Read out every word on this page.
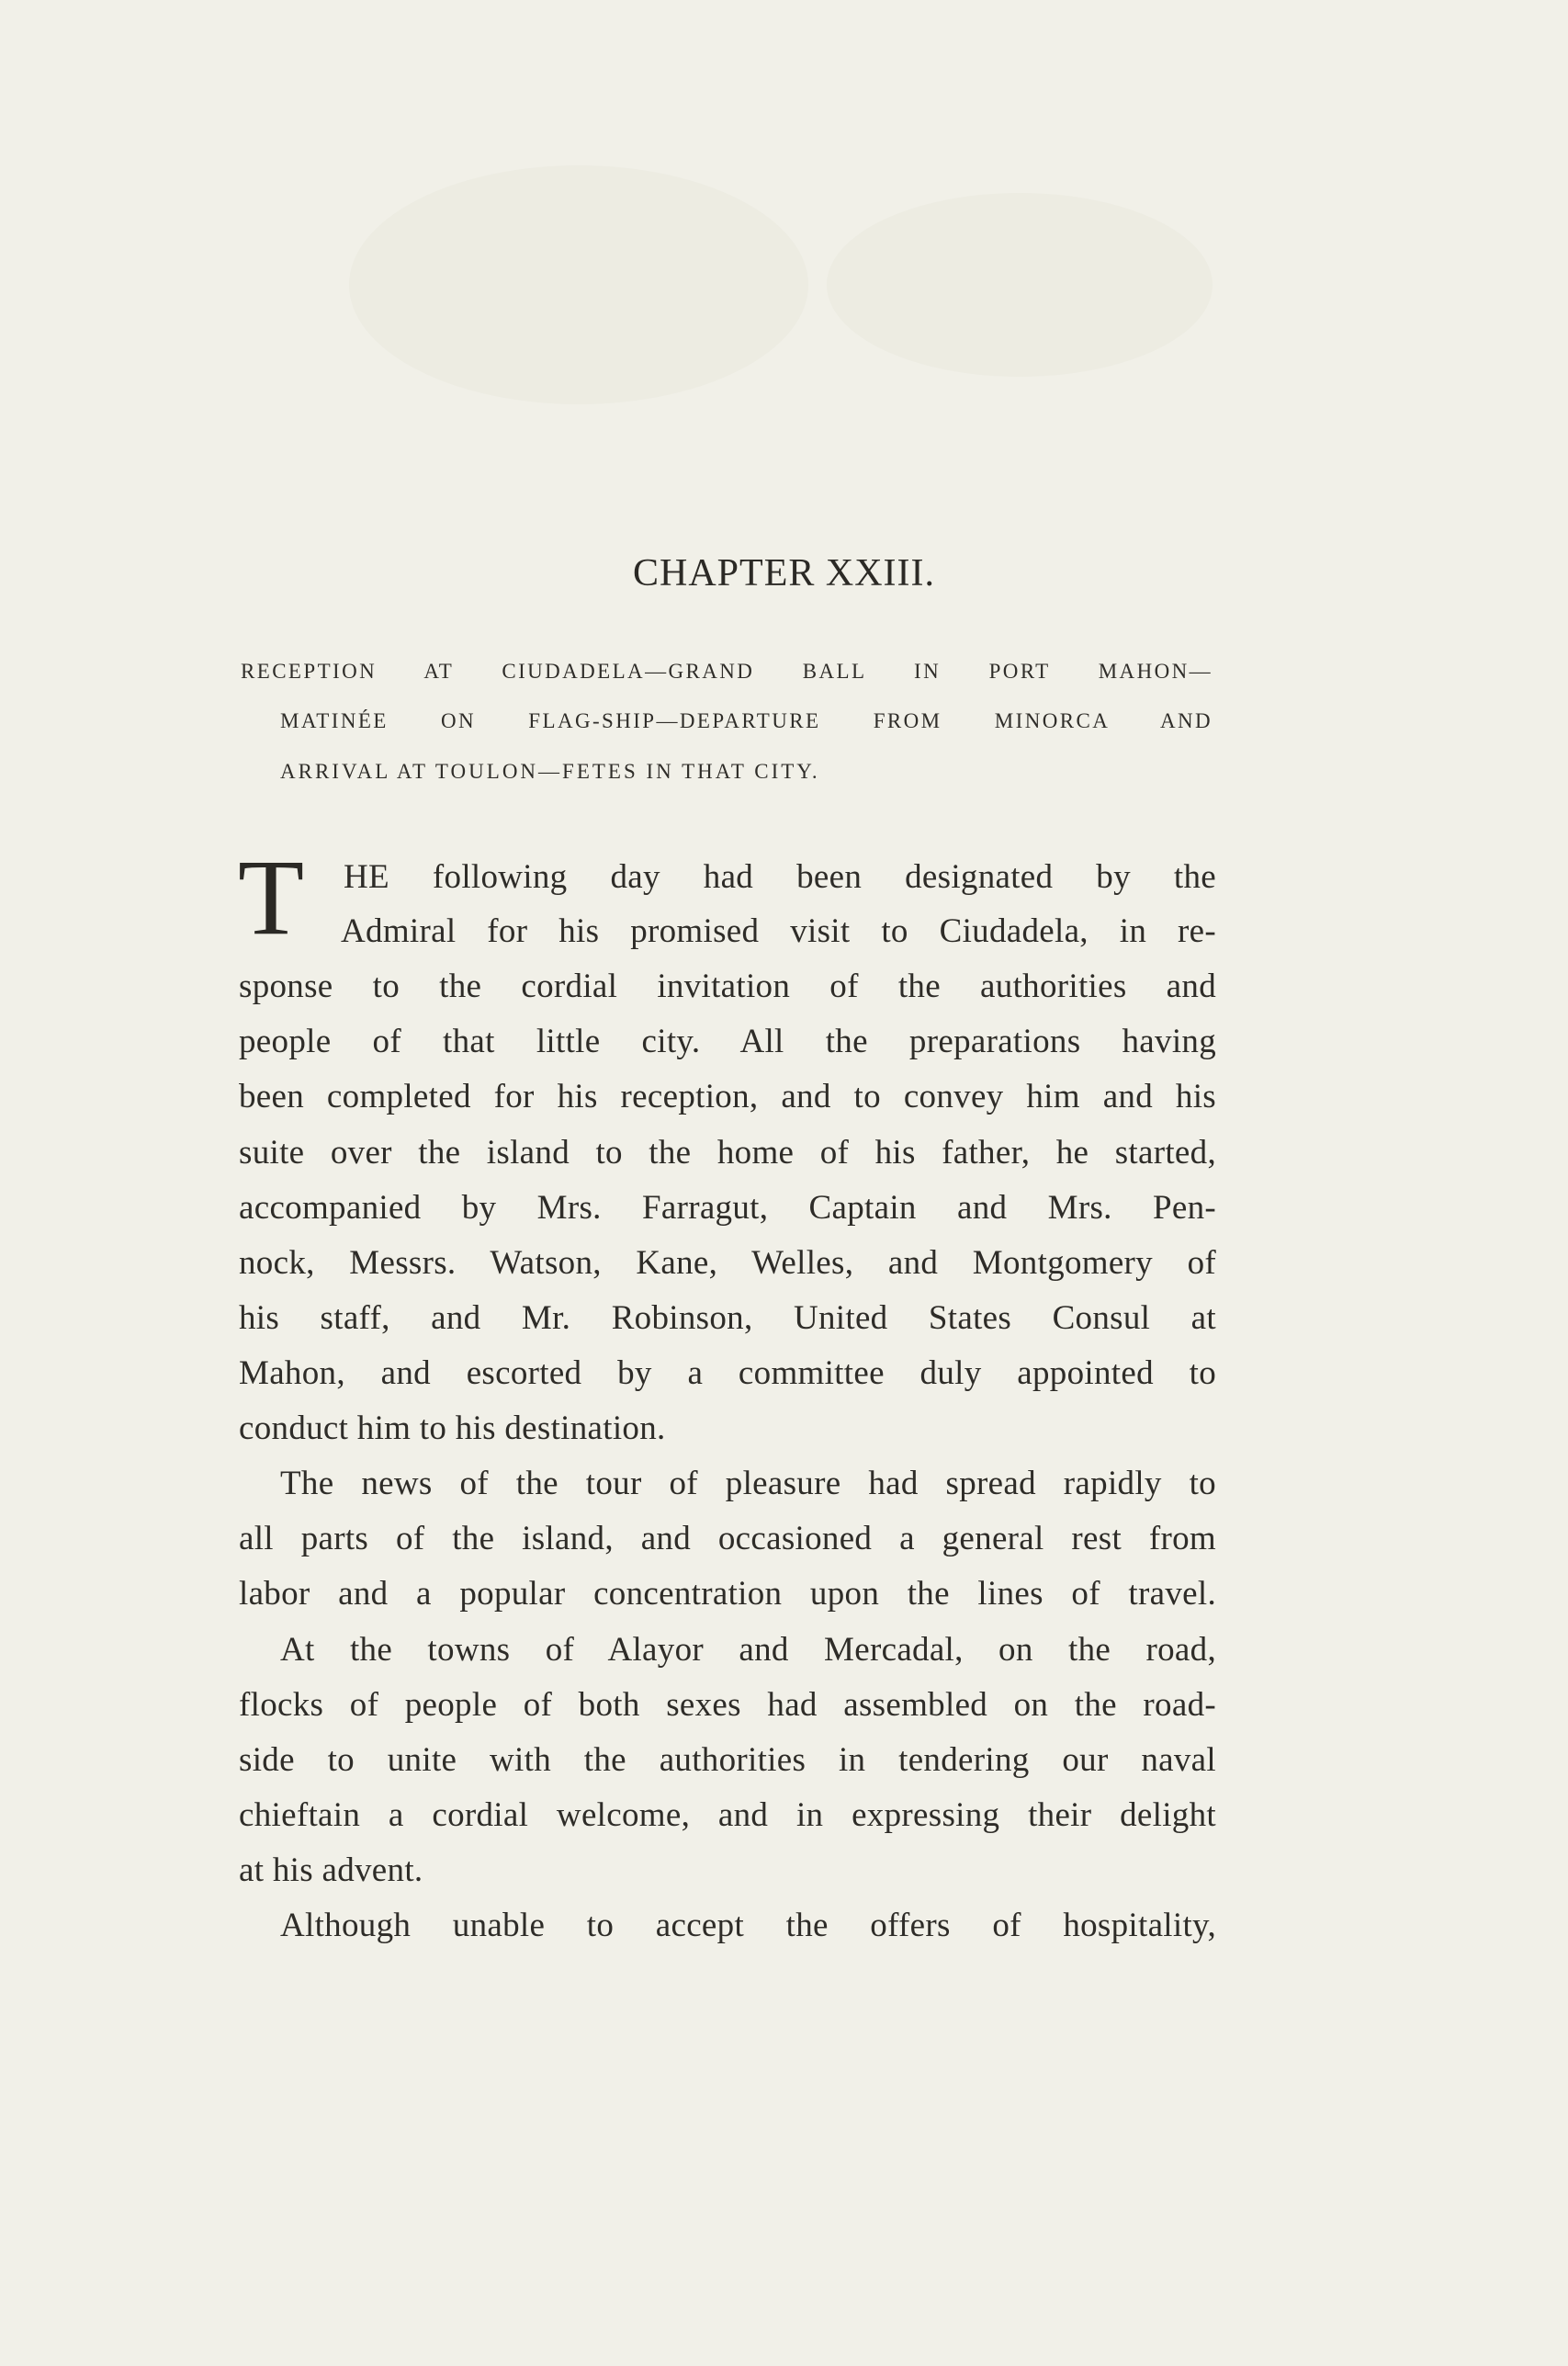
CHAPTER XXIII.
RECEPTION AT CIUDADELA—GRAND BALL IN PORT MAHON—
MATINÉE ON FLAG-SHIP—DEPARTURE FROM MINORCA AND
ARRIVAL AT TOULON—FETES IN THAT CITY.
T HE following day had been designated by the
Admiral for his promised visit to Ciudadela, in re-
sponse to the cordial invitation of the authorities and
people of that little city. All the preparations having
been completed for his reception, and to convey him and his
suite over the island to the home of his father, he started,
accompanied by Mrs. Farragut, Captain and Mrs. Pen-
nock, Messrs. Watson, Kane, Welles, and Montgomery of
his staff, and Mr. Robinson, United States Consul at
Mahon, and escorted by a committee duly appointed to
conduct him to his destination.
The news of the tour of pleasure had spread rapidly to
all parts of the island, and occasioned a general rest from
labor and a popular concentration upon the lines of travel.
At the towns of Alayor and Mercadal, on the road,
flocks of people of both sexes had assembled on the road-
side to unite with the authorities in tendering our naval
chieftain a cordial welcome, and in expressing their delight
at his advent.
Although unable to accept the offers of hospitality,
